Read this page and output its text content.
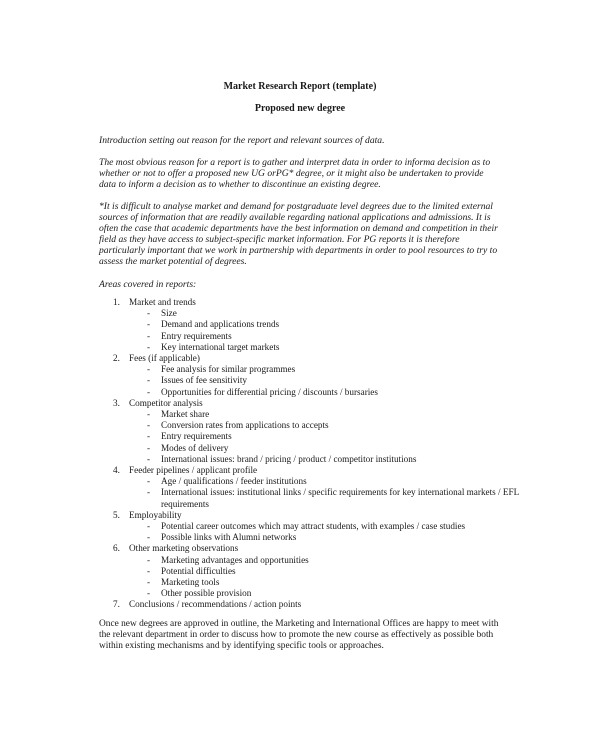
Market Research Report (template)
Proposed new degree

Introduction setting out reason for the report and relevant sources of data.

The most obvious reason for a report is to gather and interpret data in order to informa decision as to whether or not to offer a proposed new UG orPG* degree, or it might also be undertaken to provide data to inform a decision as to whether to discontinue an existing degree.

*It is difficult to analyse market and demand for postgraduate level degrees due to the limited external sources of information that are readily available regarding national applications and admissions. It is often the case that academic departments have the best information on demand and competition in their field as they have access to subject-specific market information. For PG reports it is therefore particularly important that we work in partnership with departments in order to pool resources to try to assess the market potential of degrees.

Areas covered in reports:

1. Market and trends
- Size
- Demand and applications trends
- Entry requirements
- Key international target markets
2. Fees (if applicable)
- Fee analysis for similar programmes
- Issues of fee sensitivity
- Opportunities for differential pricing / discounts / bursaries
3. Competitor analysis
- Market share
- Conversion rates from applications to accepts
- Entry requirements
- Modes of delivery
- International issues: brand / pricing / product / competitor institutions
4. Feeder pipelines / applicant profile
- Age / qualifications / feeder institutions
- International issues: institutional links / specific requirements for key international markets / EFL requirements
5. Employability
- Potential career outcomes which may attract students, with examples / case studies
- Possible links with Alumni networks
6. Other marketing observations
- Marketing advantages and opportunities
- Potential difficulties
- Marketing tools
- Other possible provision
7. Conclusions / recommendations / action points

Once new degrees are approved in outline, the Marketing and International Offices are happy to meet with the relevant department in order to discuss how to promote the new course as effectively as possible both within existing mechanisms and by identifying specific tools or approaches.
